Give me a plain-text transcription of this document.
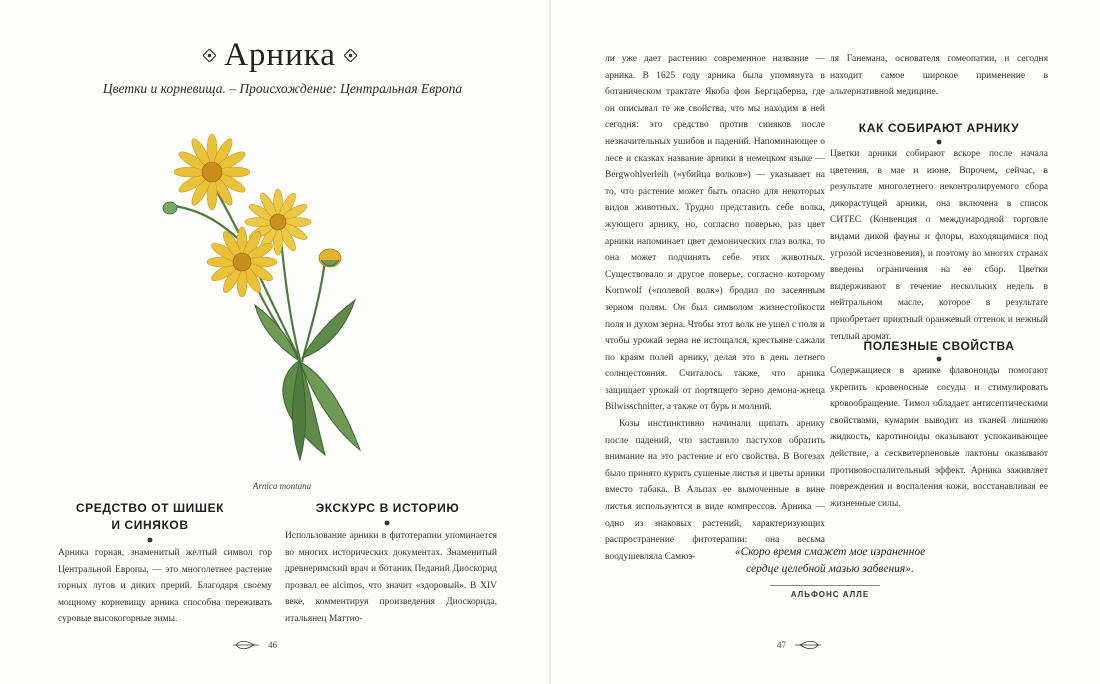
Арника
Цветки и корневища. – Происхождение: Центральная Европа
Arnica montana
СРЕДСТВО ОТ ШИШЕК
И СИНЯКОВ

Арника горная, знаменитый желтый символ гор Центральной Европы, — это многолетнее растение горных лугов и диких прерий. Благодаря своему мощному корневищу арника способна переживать суровые высокогорные зимы.

ЭКСКУРС В ИСТОРИЮ

Использование арники в фитотерапии упоминается во многих исторических документах. Знаменитый древнеримский врач и ботаник Педаний Диоскорид прозвал ее alcimos, что значит «здоровый». В XIV веке, комментируя произведения Диоскорида, итальянец Маттио-

46

ли уже дает растению современное название — арника. В 1625 году арника была упомянута в ботаническом трактате Якоба фон Бергцаберна, где он описывал те же свойства, что мы находим в ней сегодня: это средство против синяков после незначительных ушибов и падений. Напоминающее о лесе и сказках название арники в немецком языке — Bergwohlverleih («убийца волков») — указывает на то, что растение может быть опасно для некоторых видов животных. Трудно представить себе волка, жующего арнику, но, согласно поверью, раз цвет арники напоминает цвет демонических глаз волка, то она может подчинять себе этих животных. Существовало и другое поверье, согласно которому Kornwolf («полевой волк») бродил по засеянным зерном полям. Он был символом жизнестойкости поля и духом зерна. Чтобы этот волк не ушел с поля и чтобы урожай зерна не истощался, крестьяне сажали по краям полей арнику, делая это в день летнего солнцестояния. Считалось также, что арника защищает урожай от портящего зерно демона-жнеца Bilwisschnitter, а также от бурь и молний.

Козы инстинктивно начинали щипать арнику после падений, что заставило пастухов обратить внимание на это растение и его свойства. В Вогезах было принято курить сушеные листья и цветы арники вместо табака. В Альпах ее вымоченные в вине листья используются в виде компрессов. Арника — одно из знаковых растений, характеризующих распространение фитотерапии: она весьма воодушевляла Самюэ-

ля Ганемана, основателя гомеопатии, и сегодня находит самое широкое применение в альтернативной медицине.

КАК СОБИРАЮТ АРНИКУ

Цветки арники собирают вскоре после начала цветения, в мае и июне. Впрочем, сейчас, в результате многолетнего неконтролируемого сбора дикорастущей арники, она включена в список СИТЕС (Конвенция о международной торговле видами дикой фауны и флоры, находящимися под угрозой исчезновения), и поэтому во многих странах введены ограничения на ее сбор. Цветки выдерживают в течение нескольких недель в нейтральном масле, которое в результате приобретает приятный оранжевый оттенок и нежный теплый аромат.

ПОЛЕЗНЫЕ СВОЙСТВА

Содержащиеся в арнике флавоноиды помогают укрепить кровеносные сосуды и стимулировать кровообращение. Тимол обладает антисептическими свойствами, кумарин выводит из тканей лишнюю жидкость, каротиноиды оказывают успокаивающее действие, а сесквитерпеновые лактоны оказывают противовоспалительный эффект. Арника заживляет повреждения и воспаления кожи, восстанавливая ее жизненные силы.

47
«Скоро время смажет мое израненное
сердце целебной мазью забвения».
АЛЬФОНС АЛЛЕ
